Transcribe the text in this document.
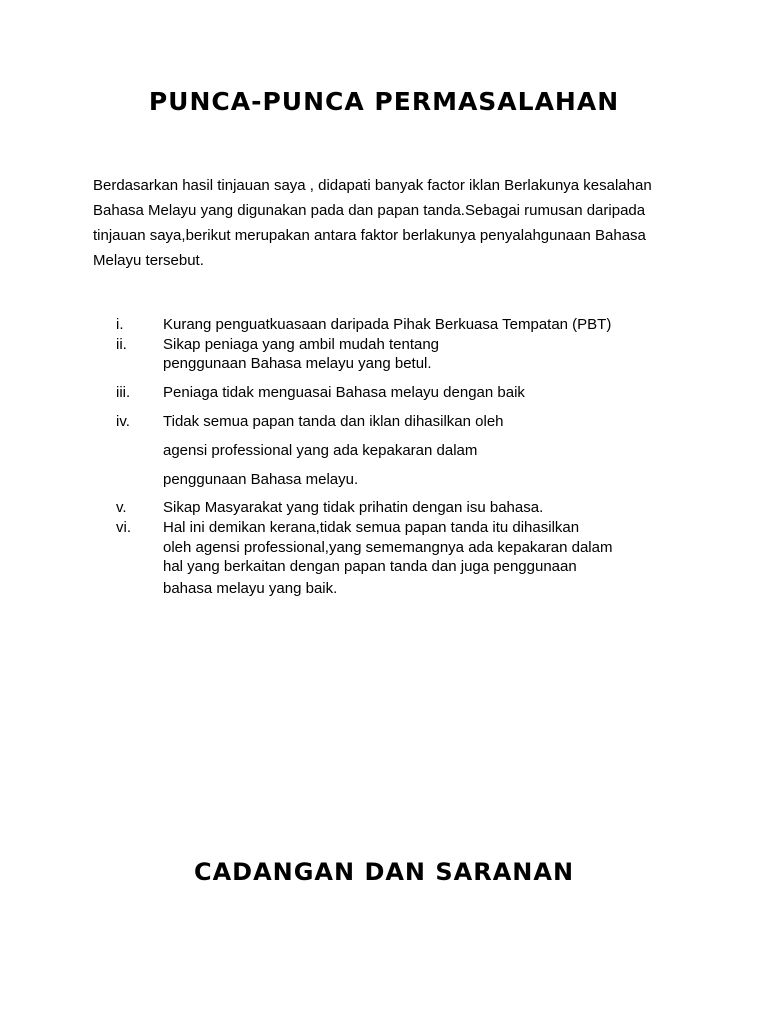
PUNCA-PUNCA PERMASALAHAN
Berdasarkan hasil tinjauan saya , didapati banyak factor iklan Berlakunya kesalahan
Bahasa Melayu yang digunakan pada dan papan tanda.Sebagai rumusan daripada
tinjauan saya,berikut merupakan antara faktor berlakunya penyalahgunaan Bahasa
Melayu tersebut.
i.	Kurang penguatkuasaan daripada Pihak Berkuasa Tempatan (PBT)
ii. Sikap peniaga yang ambil mudah tentang
penggunaan Bahasa melayu yang betul.
iii. Peniaga tidak menguasai Bahasa melayu dengan baik
iv. Tidak semua papan tanda dan iklan dihasilkan oleh
agensi professional yang ada kepakaran dalam
penggunaan Bahasa melayu.
v. Sikap Masyarakat yang tidak prihatin dengan isu bahasa.
vi. Hal ini demikan kerana,tidak semua papan tanda itu dihasilkan
oleh agensi professional,yang sememangnya ada kepakaran dalam
hal yang berkaitan dengan papan tanda dan juga penggunaan
bahasa melayu yang baik.
CADANGAN DAN SARANAN
